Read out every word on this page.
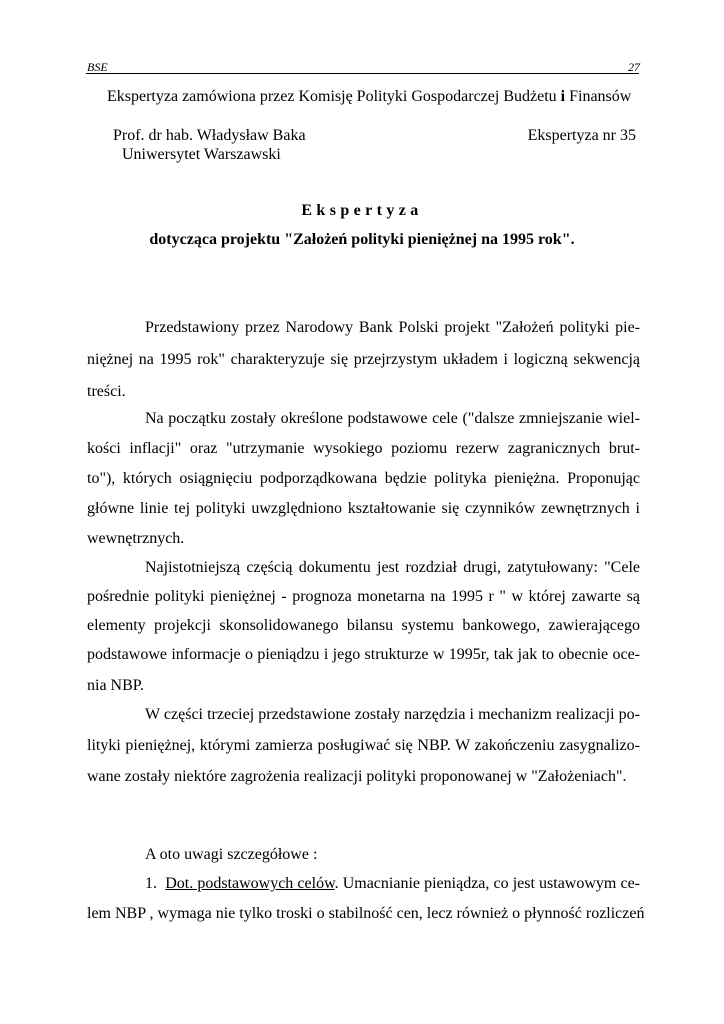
BSE	27
Ekspertyza zamówiona przez Komisję Polityki Gospodarczej Budżetu i Finansów
Prof. dr hab. Władysław Baka
Uniwersytet Warszawski
Ekspertyza nr 35
Ekspertyza
dotycząca projektu "Założeń polityki pieniężnej na 1995 rok".
Przedstawiony przez Narodowy Bank Polski projekt "Założeń polityki pie-
niężnej na 1995 rok" charakteryzuje się przejrzystym układem i logiczną sekwencją
treści.
Na początku zostały określone podstawowe cele ("dalsze zmniejszanie wiel-
kości inflacji" oraz "utrzymanie wysokiego poziomu rezerw zagranicznych brut-
to"), których osiągnięciu podporządkowana będzie polityka pieniężna. Proponując
główne linie tej polityki uwzględniono kształtowanie się czynników zewnętrznych i
wewnętrznych.
Najistotniejszą częścią dokumentu jest rozdział drugi, zatytułowany: "Cele
pośrednie polityki pieniężnej - prognoza monetarna na 1995 r " w której zawarte są
elementy projekcji skonsolidowanego bilansu systemu bankowego, zawierającego
podstawowe informacje o pieniądzu i jego strukturze w 1995r, tak jak to obecnie oce-
nia NBP.
W części trzeciej przedstawione zostały narzędzia i mechanizm realizacji po-
lityki pieniężnej, którymi zamierza posługiwać się NBP. W zakończeniu zasygnalizo-
wane zostały niektóre zagrożenia realizacji polityki proponowanej w "Założeniach".
A oto uwagi szczegółowe :
1. Dot. podstawowych celów. Umacnianie pieniądza, co jest ustawowym ce-
lem NBP , wymaga nie tylko troski o stabilność cen, lecz również o płynność rozliczeń
